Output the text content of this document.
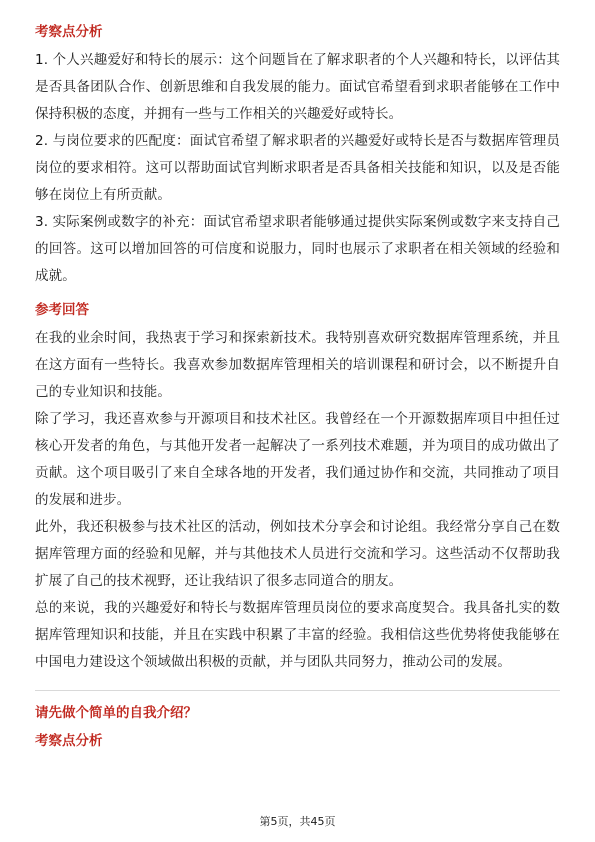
考察点分析

1. 个人兴趣爱好和特长的展示：这个问题旨在了解求职者的个人兴趣和特长，以评估其是否具备团队合作、创新思维和自我发展的能力。面试官希望看到求职者能够在工作中保持积极的态度，并拥有一些与工作相关的兴趣爱好或特长。

2. 与岗位要求的匹配度：面试官希望了解求职者的兴趣爱好或特长是否与数据库管理员岗位的要求相符。这可以帮助面试官判断求职者是否具备相关技能和知识，以及是否能够在岗位上有所贡献。

3. 实际案例或数字的补充：面试官希望求职者能够通过提供实际案例或数字来支持自己的回答。这可以增加回答的可信度和说服力，同时也展示了求职者在相关领域的经验和成就。

参考回答

在我的业余时间，我热衷于学习和探索新技术。我特别喜欢研究数据库管理系统，并且在这方面有一些特长。我喜欢参加数据库管理相关的培训课程和研讨会，以不断提升自己的专业知识和技能。

除了学习，我还喜欢参与开源项目和技术社区。我曾经在一个开源数据库项目中担任过核心开发者的角色，与其他开发者一起解决了一系列技术难题，并为项目的成功做出了贡献。这个项目吸引了来自全球各地的开发者，我们通过协作和交流，共同推动了项目的发展和进步。

此外，我还积极参与技术社区的活动，例如技术分享会和讨论组。我经常分享自己在数据库管理方面的经验和见解，并与其他技术人员进行交流和学习。这些活动不仅帮助我扩展了自己的技术视野，还让我结识了很多志同道合的朋友。

总的来说，我的兴趣爱好和特长与数据库管理员岗位的要求高度契合。我具备扎实的数据库管理知识和技能，并且在实践中积累了丰富的经验。我相信这些优势将使我能够在中国电力建设这个领域做出积极的贡献，并与团队共同努力，推动公司的发展。

请先做个简单的自我介绍？
考察点分析
第5页，共45页
